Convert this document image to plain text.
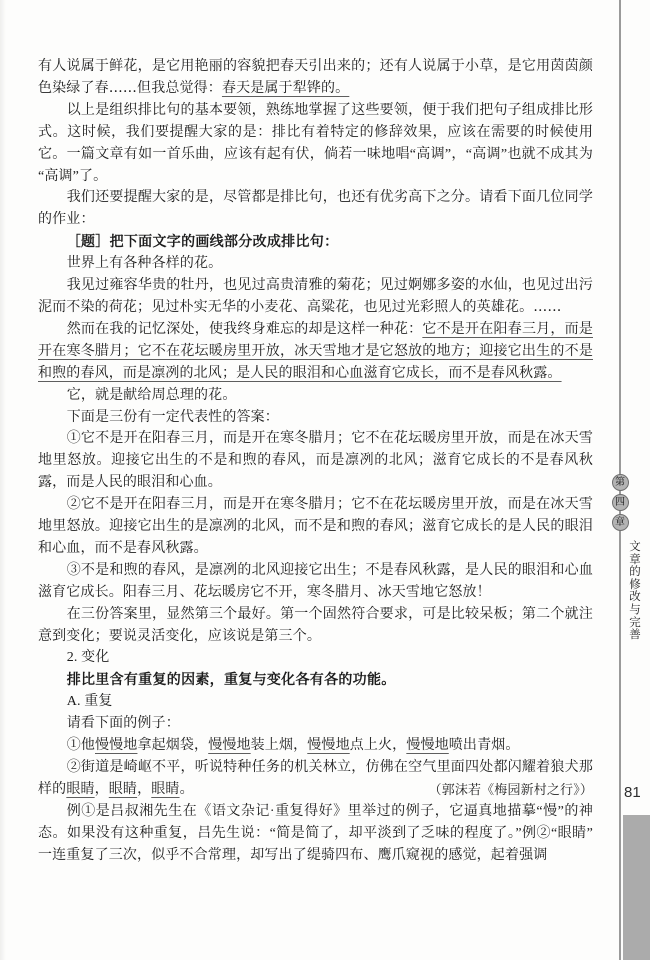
有人说属于鲜花，是它用艳丽的容貌把春天引出来的；还有人说属于小草，是它用茵茵颜色染绿了春……但我总觉得：春天是属于犁铧的。

以上是组织排比句的基本要领，熟练地掌握了这些要领，便于我们把句子组成排比形式。这时候，我们要提醒大家的是：排比有着特定的修辞效果，应该在需要的时候使用它。一篇文章有如一首乐曲，应该有起有伏，倘若一味地唱“高调”，“高调”也就不成其为“高调”了。

我们还要提醒大家的是，尽管都是排比句，也还有优劣高下之分。请看下面几位同学的作业：

［题］把下面文字的画线部分改成排比句：

世界上有各种各样的花。

我见过雍容华贵的牡丹，也见过高贵清雅的菊花；见过婀娜多姿的水仙，也见过出污泥而不染的荷花；见过朴实无华的小麦花、高粱花，也见过光彩照人的英雄花。……

然而在我的记忆深处，使我终身难忘的却是这样一种花：它不是开在阳春三月，而是开在寒冬腊月；它不在花坛暖房里开放，冰天雪地才是它怒放的地方；迎接它出生的不是和煦的春风，而是凛冽的北风；是人民的眼泪和心血滋育它成长，而不是春风秋露。

它，就是献给周总理的花。

下面是三份有一定代表性的答案：

①它不是开在阳春三月，而是开在寒冬腊月；它不在花坛暖房里开放，而是在冰天雪地里怒放。迎接它出生的不是和煦的春风，而是凛冽的北风；滋育它成长的不是春风秋露，而是人民的眼泪和心血。

②它不是开在阳春三月，而是开在寒冬腊月；它不在花坛暖房里开放，而是在冰天雪地里怒放。迎接它出生的是凛冽的北风，而不是和煦的春风；滋育它成长的是人民的眼泪和心血，而不是春风秋露。

③不是和煦的春风，是凛冽的北风迎接它出生；不是春风秋露，是人民的眼泪和心血滋育它成长。阳春三月、花坛暖房它不开，寒冬腊月、冰天雪地它怒放！

在三份答案里，显然第三个最好。第一个固然符合要求，可是比较呆板；第二个就注意到变化；要说灵活变化，应该说是第三个。

2. 变化

排比里含有重复的因素，重复与变化各有各的功能。

A. 重复

请看下面的例子：

①他慢慢地拿起烟袋，慢慢地装上烟，慢慢地点上火，慢慢地喷出青烟。

②街道是崎岖不平，听说特种任务的机关林立，仿佛在空气里面四处都闪耀着狼犬那样的眼睛，眼睛，眼睛。	（郭沫若《梅园新村之行》）

例①是吕叔湘先生在《语文杂记·重复得好》里举过的例子，它逼真地描摹“慢”的神态。如果没有这种重复，吕先生说：“简是简了，却平淡到了乏味的程度了。”例②“眼睛”一连重复了三次，似乎不合常理，却写出了缇骑四布、鹰爪窥视的感觉，起着强调

第
四
章
文
章
的
修
改
与
完
善
81
